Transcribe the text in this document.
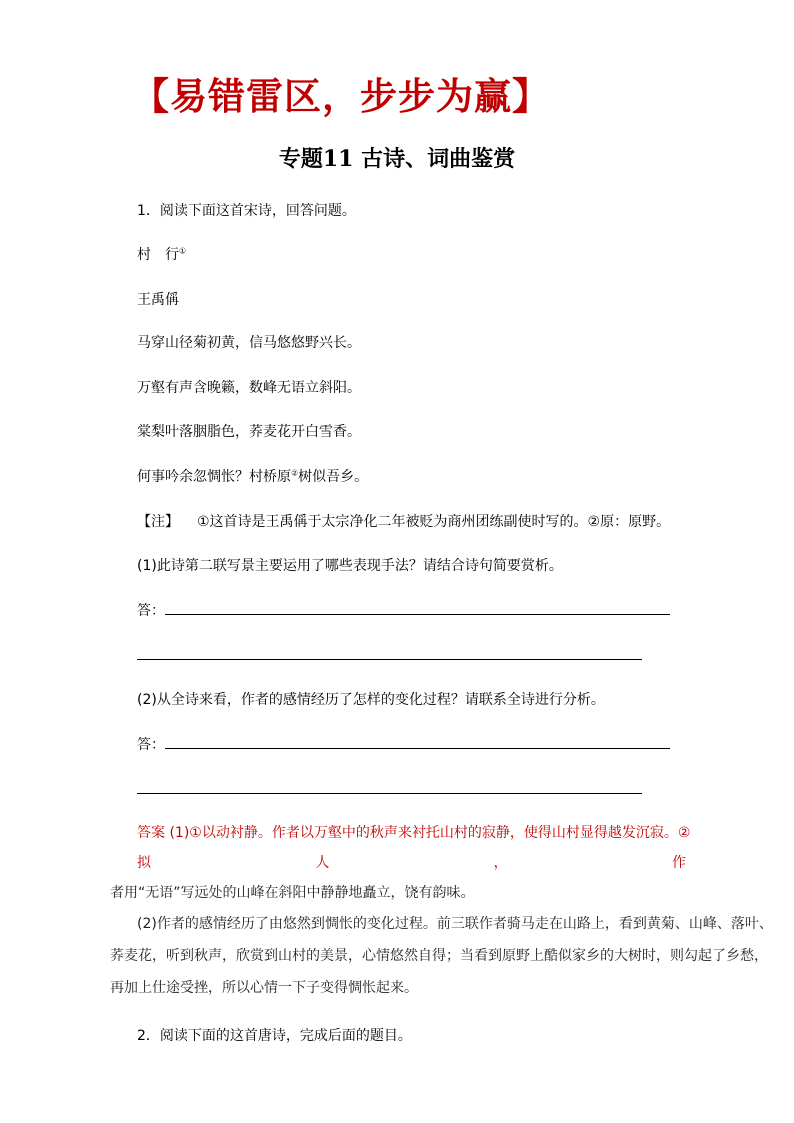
【易错雷区，步步为赢】
专题11 古诗、词曲鉴赏
1．阅读下面这首宋诗，回答问题。
村　行①
王禹偁
马穿山径菊初黄，信马悠悠野兴长。
万壑有声含晚籁，数峰无语立斜阳。
棠梨叶落胭脂色，荞麦花开白雪香。
何事吟余忽惆怅？村桥原②树似吾乡。
【注】 ①这首诗是王禹偁于太宗净化二年被贬为商州团练副使时写的。②原：原野。
(1)此诗第二联写景主要运用了哪些表现手法？请结合诗句简要赏析。
答：
(2)从全诗来看，作者的感情经历了怎样的变化过程？请联系全诗进行分析。
答：
答案 (1)①以动衬静。作者以万壑中的秋声来衬托山村的寂静，使得山村显得越发沉寂。②
拟	人	，	作
者用“无语”写远处的山峰在斜阳中静静地矗立，饶有韵味。
(2)作者的感情经历了由悠然到惆怅的变化过程。前三联作者骑马走在山路上，看到黄菊、山峰、落叶、
荞麦花，听到秋声，欣赏到山村的美景，心情悠然自得；当看到原野上酷似家乡的大树时，则勾起了乡愁，
再加上仕途受挫，所以心情一下子变得惆怅起来。
2．阅读下面的这首唐诗，完成后面的题目。
